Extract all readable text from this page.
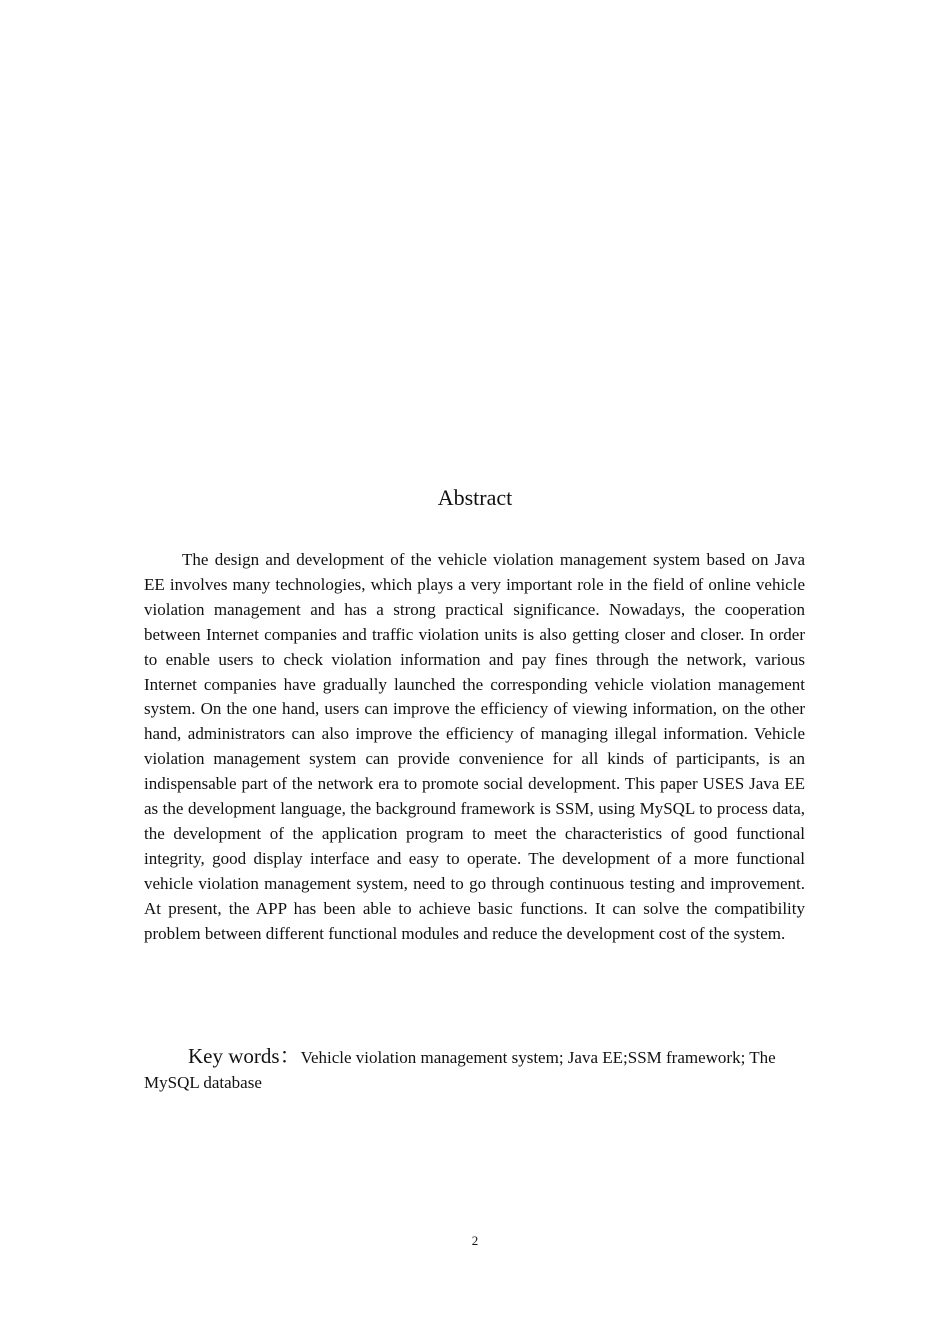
Abstract

The design and development of the vehicle violation management system based on Java EE involves many technologies, which plays a very important role in the field of online vehicle violation management and has a strong practical significance. Nowadays, the cooperation between Internet companies and traffic violation units is also getting closer and closer. In order to enable users to check violation information and pay fines through the network, various Internet companies have gradually launched the corresponding vehicle violation management system. On the one hand, users can improve the efficiency of viewing information, on the other hand, administrators can also improve the efficiency of managing illegal information. Vehicle violation management system can provide convenience for all kinds of participants, is an indispensable part of the network era to promote social development. This paper USES Java EE as the development language, the background framework is SSM, using MySQL to process data, the development of the application program to meet the characteristics of good functional integrity, good display interface and easy to operate. The development of a more functional vehicle violation management system, need to go through continuous testing and improvement. At present, the APP has been able to achieve basic functions. It can solve the compatibility problem between different functional modules and reduce the development cost of the system.

Key words：Vehicle violation management system; Java EE;SSM framework; The MySQL database

2
